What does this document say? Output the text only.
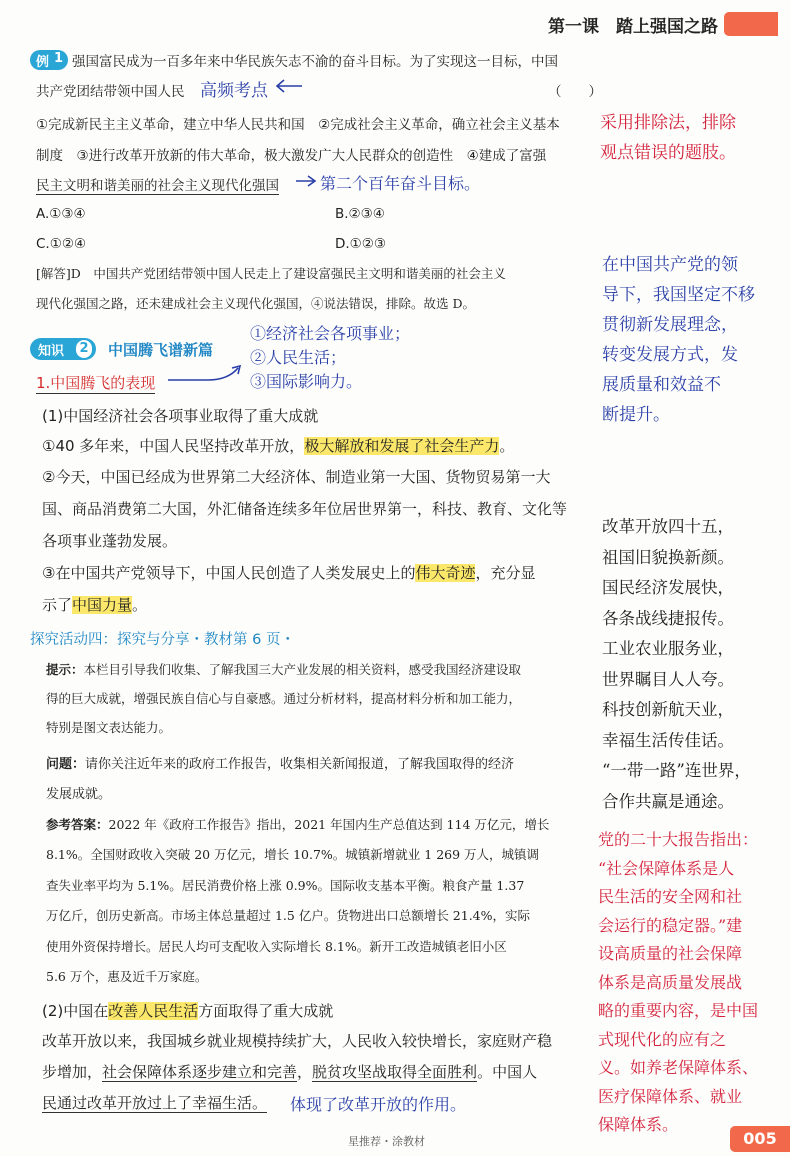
第一课　踏上强国之路
例 1 强国富民成为一百多年来中华民族矢志不渝的奋斗目标。为了实现这一目标，中国

共产党团结带领中国人民	（　　）

①完成新民主主义革命，建立中华人民共和国　②完成社会主义革命，确立社会主义基本

制度　③进行改革开放新的伟大革命，极大激发广大人民群众的创造性　④建成了富强

民主文明和谐美丽的社会主义现代化强国

A.①③④	B.②③④

C.①②④	D.①②③

高频考点
第二个百年奋斗目标。
采用排除法，排除
观点错误的题肢。

[解答]D　 中国共产党团结带领中国人民走上了建设富强民主文明和谐美丽的社会主义

现代化强国之路，还未建成社会主义现代化强国，④说法错误，排除。故选 D。

在中国共产党的领
导下，我国坚定不移
贯彻新发展理念，
转变发展方式，发
展质量和效益不
断提升。
知识 2 中国腾飞谱新篇
①经济社会各项事业；
②人民生活；
③国际影响力。
1.中国腾飞的表现

(1)中国经济社会各项事业取得了重大成就

①40 多年来，中国人民坚持改革开放，极大解放和发展了社会生产力。

②今天，中国已经成为世界第二大经济体、制造业第一大国、货物贸易第一大

国、商品消费第二大国，外汇储备连续多年位居世界第一，科技、教育、文化等

各项事业蓬勃发展。

③在中国共产党领导下，中国人民创造了人类发展史上的伟大奇迹，充分显

示了中国力量。

改革开放四十五，
祖国旧貌换新颜。
国民经济发展快，
各条战线捷报传。
工业农业服务业，
世界瞩目人人夸。
科技创新航天业，
幸福生活传佳话。
“一带一路”连世界，
合作共赢是通途。
探究活动四：探究与分享・教材第 6 页・

提示：本栏目引导我们收集、了解我国三大产业发展的相关资料，感受我国经济建设取

得的巨大成就，增强民族自信心与自豪感。通过分析材料，提高材料分析和加工能力，

特别是图文表达能力。

问题：请你关注近年来的政府工作报告，收集相关新闻报道，了解我国取得的经济

发展成就。

参考答案：2022 年《政府工作报告》指出，2021 年国内生产总值达到 114 万亿元，增长

8.1%。全国财政收入突破 20 万亿元，增长 10.7%。城镇新增就业 1 269 万人，城镇调

查失业率平均为 5.1%。居民消费价格上涨 0.9%。国际收支基本平衡。粮食产量 1.37

万亿斤，创历史新高。市场主体总量超过 1.5 亿户。货物进出口总额增长 21.4%，实际

使用外资保持增长。居民人均可支配收入实际增长 8.1%。新开工改造城镇老旧小区

5.6 万个，惠及近千万家庭。

(2)中国在改善人民生活方面取得了重大成就

改革开放以来，我国城乡就业规模持续扩大，人民收入较快增长，家庭财产稳

步增加，社会保障体系逐步建立和完善，脱贫攻坚战取得全面胜利。中国人

民通过改革开放过上了幸福生活。 体现了改革开放的作用。
党的二十大报告指出：
“社会保障体系是人
民生活的安全网和社
会运行的稳定器。”建
设高质量的社会保障
体系是高质量发展战
略的重要内容，是中国
式现代化的应有之
义。如养老保障体系、
医疗保障体系、就业
保障体系。
星推荐・涂教材	005
